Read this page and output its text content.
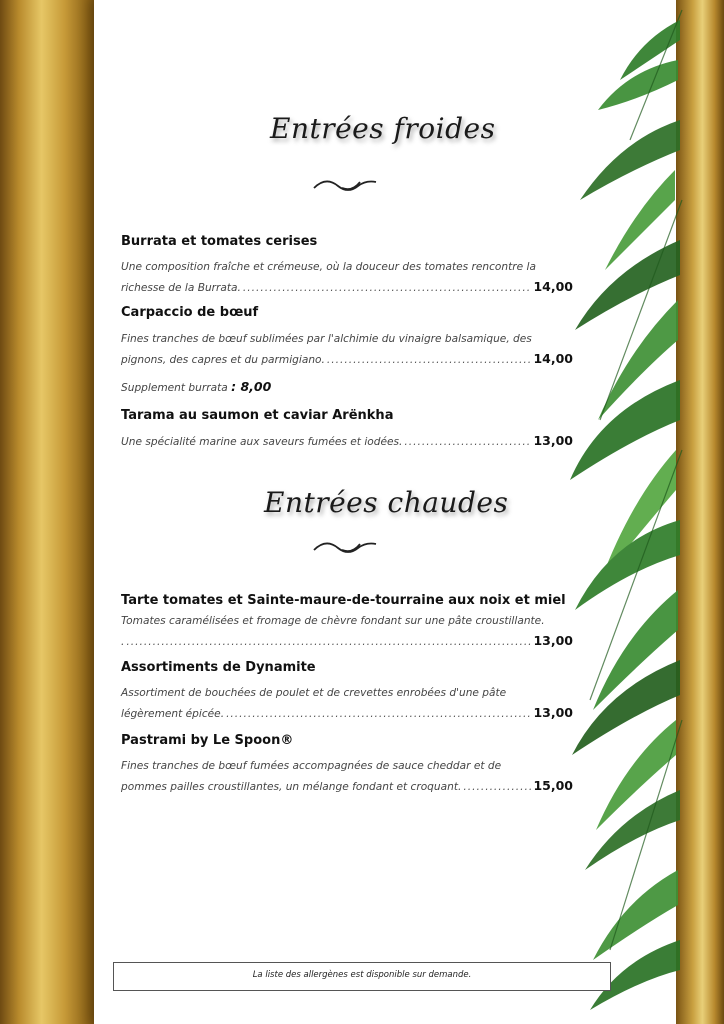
Entrées froides
Burrata et tomates cerises
Une composition fraîche et crémeuse, où la douceur des tomates rencontre la
richesse de la Burrata. .....	14,00
Carpaccio de bœuf
Fines tranches de bœuf sublimées par l'alchimie du vinaigre balsamique, des
pignons, des capres et du parmigiano. .....	14,00
Supplement burrata : 8,00
Tarama au saumon et caviar Arënkha
Une spécialité marine aux saveurs fumées et iodées. .....	13,00
Entrées chaudes
Tarte tomates et Sainte-maure-de-tourraine aux noix et miel
Tomates caramélisées et fromage de chèvre fondant sur une pâte croustillante.
. .....	13,00
Assortiments de Dynamite
Assortiment de bouchées de poulet et de crevettes enrobées d'une pâte
légèrement épicée. .....	13,00
Pastrami by Le Spoon®
Fines tranches de bœuf fumées accompagnées de sauce cheddar et de
pommes pailles croustillantes, un mélange fondant et croquant. .....	15,00
La liste des allergènes est disponible sur demande.
